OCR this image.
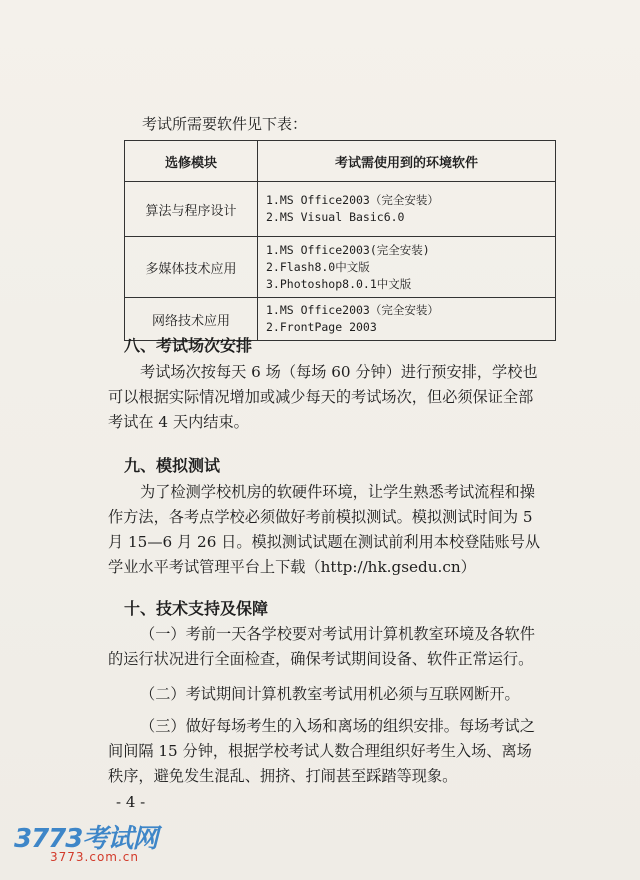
考试所需要软件见下表：
选修模块	考试需使用到的环境软件
算法与程序设计	1.MS Office2003（完全安装）
2.MS Visual Basic6.0

多媒体技术应用	1.MS Office2003(完全安装)
2.Flash8.0中文版
3.Photoshop8.0.1中文版

网络技术应用	1.MS Office2003（完全安装）
2.FrontPage 2003
八、考试场次安排
考试场次按每天 6 场（每场 60 分钟）进行预安排，学校也
可以根据实际情况增加或减少每天的考试场次，但必须保证全部
考试在 4 天内结束。
九、模拟测试
为了检测学校机房的软硬件环境，让学生熟悉考试流程和操
作方法，各考点学校必须做好考前模拟测试。模拟测试时间为 5
月 15—6 月 26 日。模拟测试试题在测试前利用本校登陆账号从
学业水平考试管理平台上下载（http://hk.gsedu.cn）
十、技术支持及保障
（一）考前一天各学校要对考试用计算机教室环境及各软件
的运行状况进行全面检查，确保考试期间设备、软件正常运行。
（二）考试期间计算机教室考试用机必须与互联网断开。
（三）做好每场考生的入场和离场的组织安排。每场考试之
间间隔 15 分钟，根据学校考试人数合理组织好考生入场、离场
秩序，避免发生混乱、拥挤、打闹甚至踩踏等现象。
- 4 -
3773考试网
3773.com.cn
